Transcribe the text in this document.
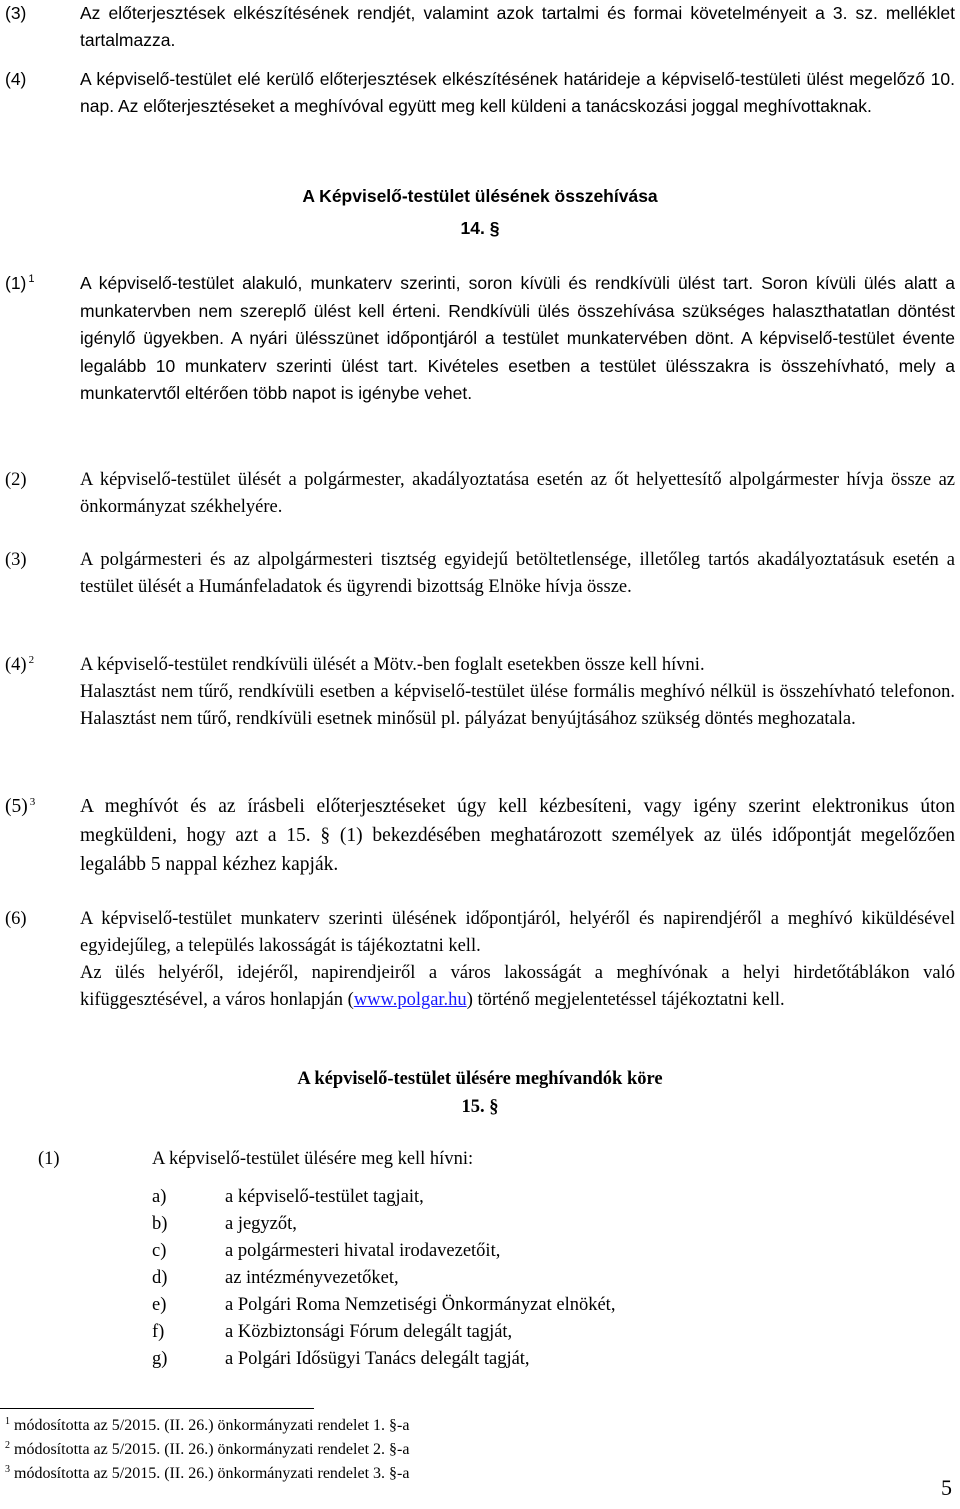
(3)	Az előterjesztések elkészítésének rendjét, valamint azok tartalmi és formai követelményeit a 3. sz. melléklet tartalmazza.
(4)	A képviselő-testület elé kerülő előterjesztések elkészítésének határideje a képviselő-testületi ülést megelőző 10. nap. Az előterjesztéseket a meghívóval együtt meg kell küldeni a tanácskozási joggal meghívottaknak.
A Képviselő-testület ülésének összehívása
14. §
(1) $^1$	A képviselő-testület alakuló, munkaterv szerinti, soron kívüli és rendkívüli ülést tart. Soron kívüli ülés alatt a munkatervben nem szereplő ülést kell érteni. Rendkívüli ülés összehívása szükséges halaszthatatlan döntést igénylő ügyekben. A nyári ülésszünet időpontjáról a testület munkatervében dönt. A képviselő-testület évente legalább 10 munkaterv szerinti ülést tart. Kivételes esetben a testület ülésszakra is összehívható, mely a munkatervtől eltérően több napot is igénybe vehet.
(2)	A képviselő-testület ülését a polgármester, akadályoztatása esetén az őt helyettesítő alpolgármester hívja össze az önkormányzat székhelyére.
(3)	A polgármesteri és az alpolgármesteri tisztség egyidejű betöltetlensége, illetőleg tartós akadályoztatásuk esetén a testület ülését a Humánfeladatok és ügyrendi bizottság Elnöke hívja össze.
(4) $^2$ A képviselő-testület rendkívüli ülését a Mötv.-ben foglalt esetekben össze kell hívni.
Halasztást nem tűrő, rendkívüli esetben a képviselő-testület ülése formális meghívó nélkül is összehívható telefonon. Halasztást nem tűrő, rendkívüli esetnek minősül pl. pályázat benyújtásához szükség döntés meghozatala.
(5) $^3$ A meghívót és az írásbeli előterjesztéseket úgy kell kézbesíteni, vagy igény szerint elektronikus úton megküldeni, hogy azt a 15. § (1) bekezdésében meghatározott személyek az ülés időpontját megelőzően legalább 5 nappal kézhez kapják.
(6)	A képviselő-testület munkaterv szerinti ülésének időpontjáról, helyéről és napirendjéről a meghívó kiküldésével egyidejűleg, a település lakosságát is tájékoztatni kell.
Az ülés helyéről, idejéről, napirendjeiről a város lakosságát a meghívónak a helyi hirdetőtáblákon való kifüggesztésével, a város honlapján (www.polgar.hu) történő megjelentetéssel tájékoztatni kell.
A képviselő-testület ülésére meghívandók köre
15. §
(1)	A képviselő-testület ülésére meg kell hívni:
a)	a képviselő-testület tagjait,
b)	a jegyzőt,
c)	a polgármesteri hivatal irodavezetőit,
d)	az intézményvezetőket,
e)	a Polgári Roma Nemzetiségi Önkormányzat elnökét,
f)	a Közbiztonsági Fórum delegált tagját,
g)	a Polgári Idősügyi Tanács delegált tagját,
$^1$ módosította az 5/2015. (II. 26.) önkormányzati rendelet 1. §-a
$^2$ módosította az 5/2015. (II. 26.) önkormányzati rendelet 2. §-a
$^3$ módosította az 5/2015. (II. 26.) önkormányzati rendelet 3. §-a
5
